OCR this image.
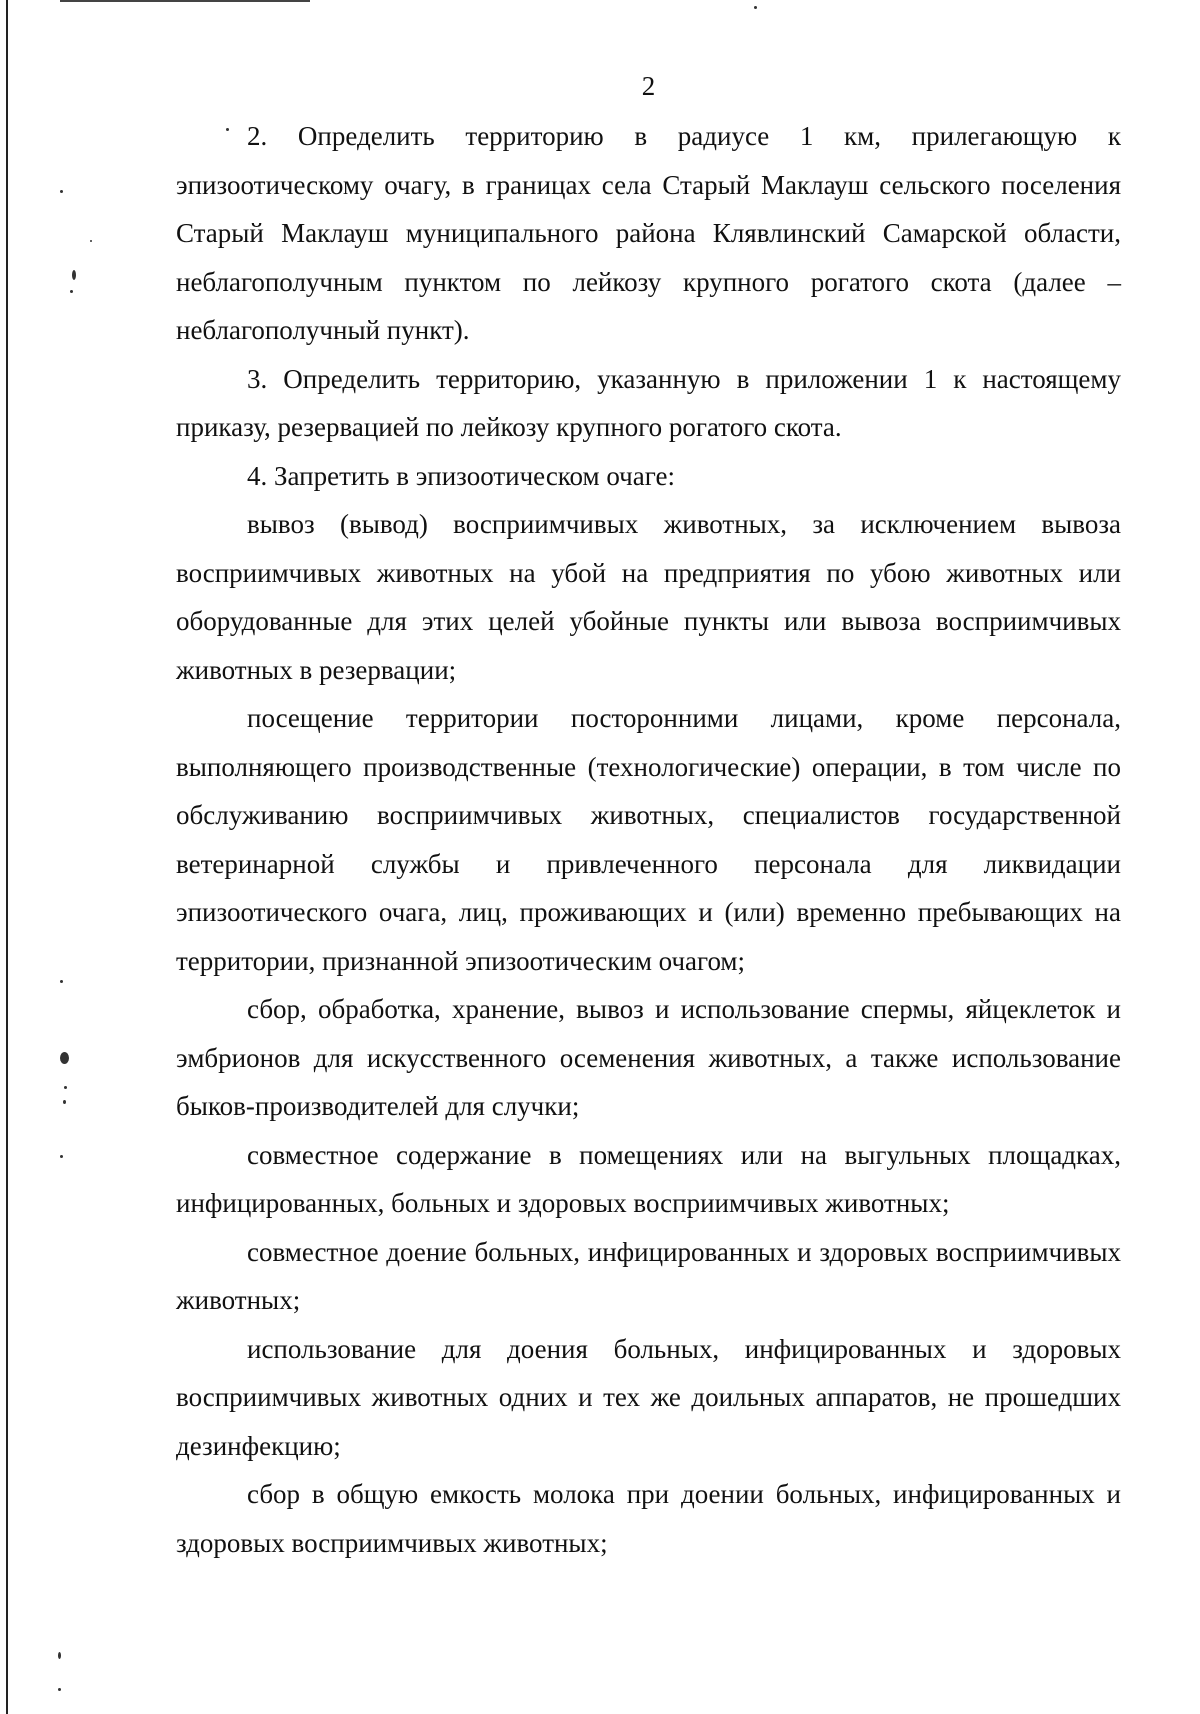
2

2. Определить территорию в радиусе 1 км, прилегающую к эпизоотическому очагу, в границах села Старый Маклауш сельского поселения Старый Маклауш муниципального района Клявлинский Самарской области, неблагополучным пунктом по лейкозу крупного рогатого скота (далее – неблагополучный пункт).

3. Определить территорию, указанную в приложении 1 к настоящему приказу, резервацией по лейкозу крупного рогатого скота.

4. Запретить в эпизоотическом очаге:

вывоз (вывод) восприимчивых животных, за исключением вывоза восприимчивых животных на убой на предприятия по убою животных или оборудованные для этих целей убойные пункты или вывоза восприимчивых животных в резервации;

посещение территории посторонними лицами, кроме персонала, выполняющего производственные (технологические) операции, в том числе по обслуживанию восприимчивых животных, специалистов государственной ветеринарной службы и привлеченного персонала для ликвидации эпизоотического очага, лиц, проживающих и (или) временно пребывающих на территории, признанной эпизоотическим очагом;

сбор, обработка, хранение, вывоз и использование спермы, яйцеклеток и эмбрионов для искусственного осеменения животных, а также использование быков-производителей для случки;

совместное содержание в помещениях или на выгульных площадках, инфицированных, больных и здоровых восприимчивых животных;

совместное доение больных, инфицированных и здоровых восприимчивых животных;

использование для доения больных, инфицированных и здоровых восприимчивых животных одних и тех же доильных аппаратов, не прошедших дезинфекцию;

сбор в общую емкость молока при доении больных, инфицированных и здоровых восприимчивых животных;
